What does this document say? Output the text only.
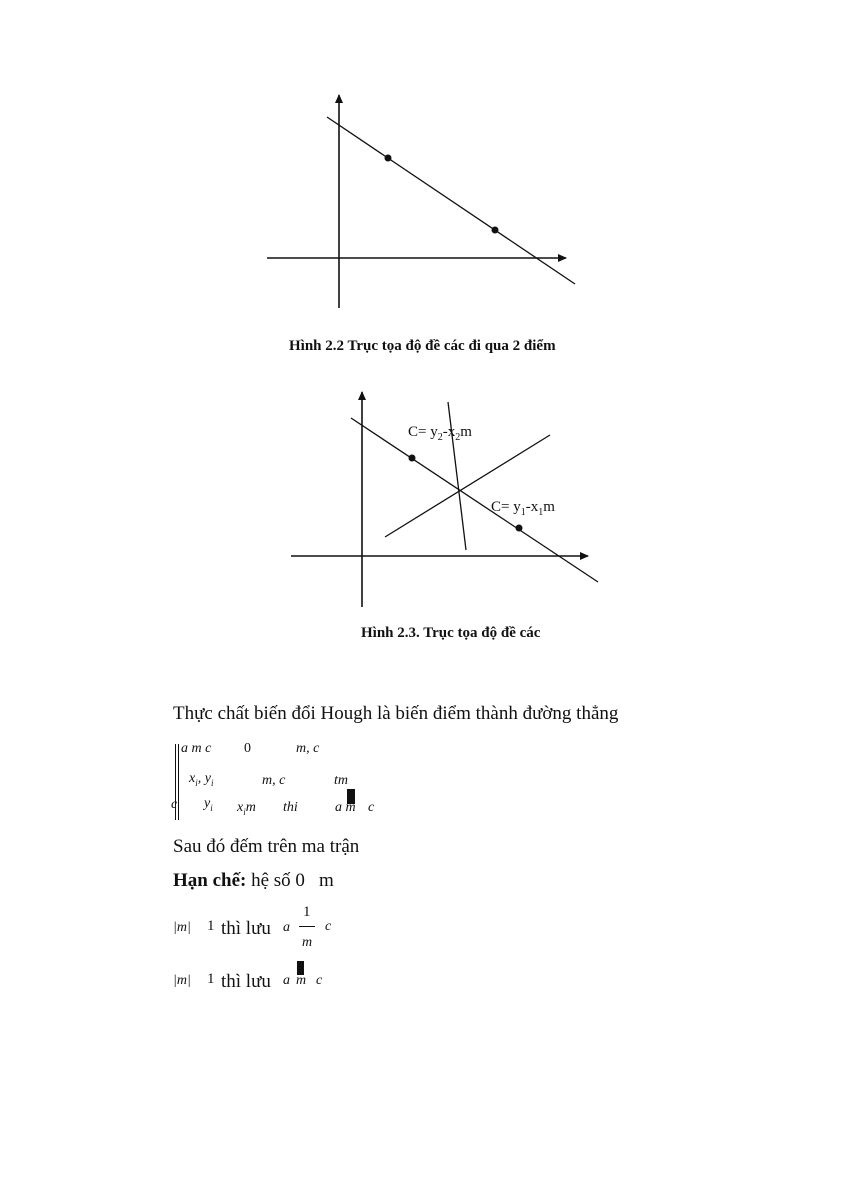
Hình 2.2 Trục tọa độ đề các đi qua 2 điểm
$C= y_2-x_2m$
$C= y_1-x_1m$
Hình 2.3. Trục tọa độ đề các
Thực chất biến đổi Hough là biến điểm thành đường thẳng
a m c 0	m, c
$x_i$, $y_i$	m, c	tm
c $y_i$ $x_im$ thi	a m c
Sau đó đếm trên ma trận
Hạn chế: hệ số 0 m
|m| 1 thì lưu a
1
m
c
|m| 1 thì lưu a m c
